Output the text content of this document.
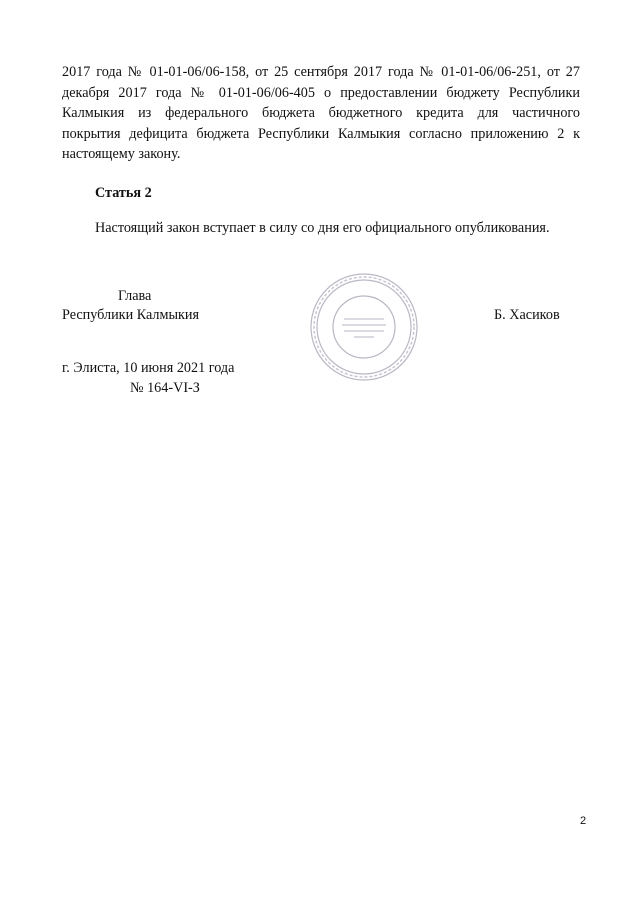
2017 года № 01-01-06/06-158, от 25 сентября 2017 года № 01-01-06/06-251, от 27
декабря 2017 года № 01-01-06/06-405 о предоставлении бюджету Республики
Калмыкия из федерального бюджета бюджетного кредита для частичного
покрытия дефицита бюджета Республики Калмыкия согласно приложению 2 к
настоящему закону.
Статья 2
Настоящий закон вступает в силу со дня его официального опубликования.
Глава
Республики Калмыкия	Б. Хасиков
г. Элиста, 10 июня 2021 года
№ 164-VI-З
2
